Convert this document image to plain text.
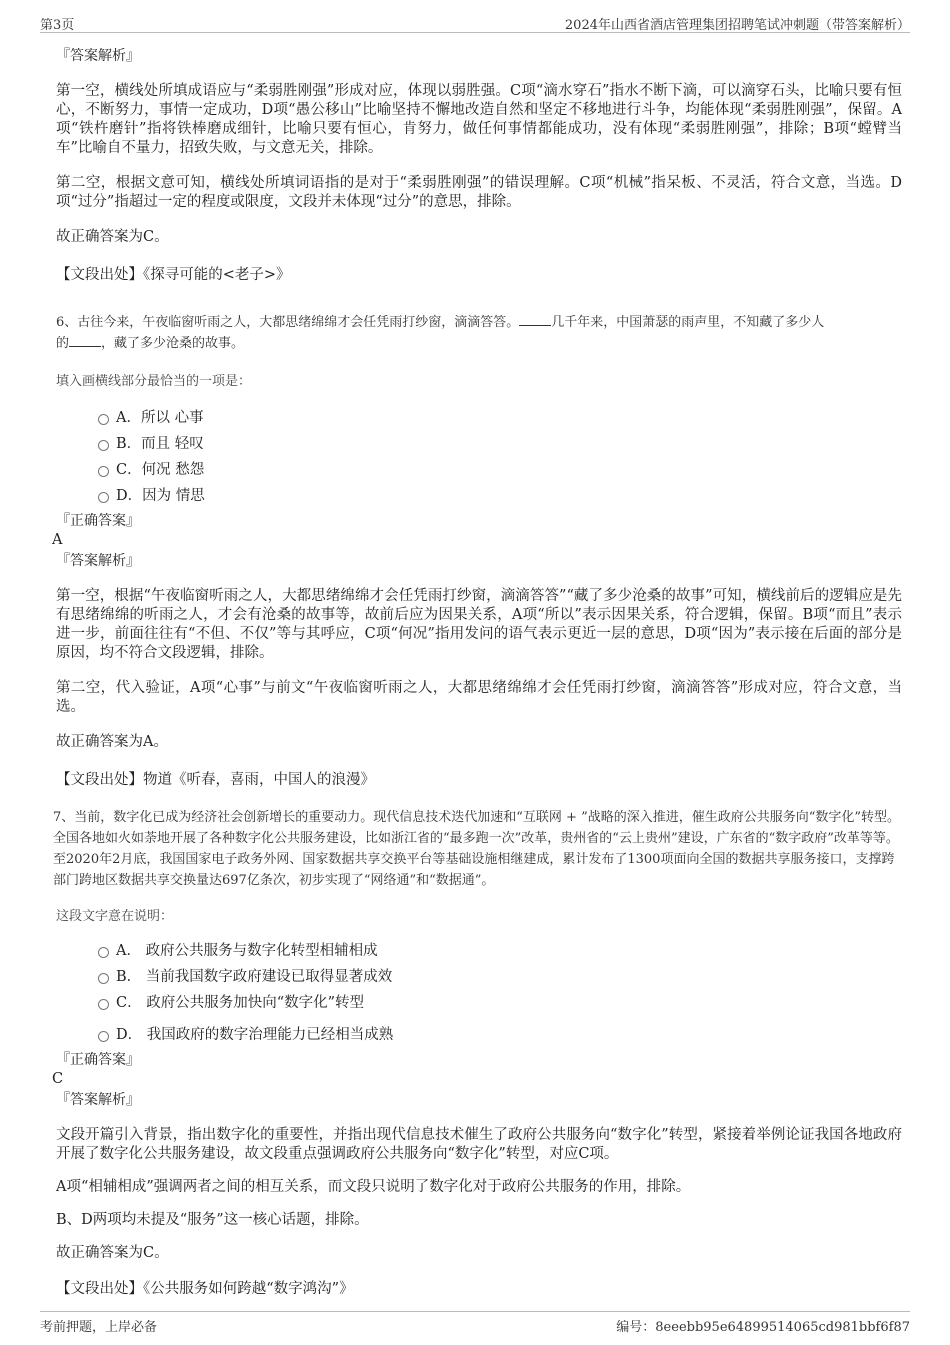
第3页	2024年山西省酒店管理集团招聘笔试冲刺题（带答案解析）

『答案解析』

第一空，横线处所填成语应与“柔弱胜刚强”形成对应，体现以弱胜强。C项“滴水穿石”指水不断下滴，可以滴穿石头，比喻只要有恒心，不断努力，事情一定成功，D项“愚公移山”比喻坚持不懈地改造自然和坚定不移地进行斗争，均能体现“柔弱胜刚强”，保留。A项“铁杵磨针”指将铁棒磨成细针，比喻只要有恒心，肯努力，做任何事情都能成功，没有体现“柔弱胜刚强”，排除；B项“螳臂当车”比喻自不量力，招致失败，与文意无关，排除。

第二空，根据文意可知，横线处所填词语指的是对于“柔弱胜刚强”的错误理解。C项“机械”指呆板、不灵活，符合文意，当选。D项“过分”指超过一定的程度或限度，文段并未体现“过分”的意思，排除。

故正确答案为C。

【文段出处】《探寻可能的<老子>》

6、古往今来，午夜临窗听雨之人，大都思绪绵绵才会任凭雨打纱窗，滴滴答答。 几千年来，中国萧瑟的雨声里，不知藏了多少人
的 ，藏了多少沧桑的故事。

填入画横线部分最恰当的一项是：

A．所以 心事
B．而且 轻叹
C．何况 愁怨
D．因为 情思

『正确答案』

A

『答案解析』

第一空，根据“午夜临窗听雨之人，大都思绪绵绵才会任凭雨打纱窗，滴滴答答”“藏了多少沧桑的故事”可知，横线前后的逻辑应是先有思绪绵绵的听雨之人，才会有沧桑的故事等，故前后应为因果关系，A项“所以”表示因果关系，符合逻辑，保留。B项“而且”表示进一步，前面往往有“不但、不仅”等与其呼应，C项“何况”指用发问的语气表示更近一层的意思，D项“因为”表示接在后面的部分是原因，均不符合文段逻辑，排除。

第二空，代入验证，A项“心事”与前文“午夜临窗听雨之人，大都思绪绵绵才会任凭雨打纱窗，滴滴答答”形成对应，符合文意，当选。

故正确答案为A。

【文段出处】物道《听春，喜雨，中国人的浪漫》

7、当前，数字化已成为经济社会创新增长的重要动力。现代信息技术迭代加速和“互联网 + ”战略的深入推进，催生政府公共服务向“数字化”转型。全国各地如火如荼地开展了各种数字化公共服务建设，比如浙江省的“最多跑一次”改革，贵州省的“云上贵州”建设，广东省的“数字政府”改革等等。至2020年2月底，我国国家电子政务外网、国家数据共享交换平台等基础设施相继建成，累计发布了1300项面向全国的数据共享服务接口，支撑跨部门跨地区数据共享交换量达697亿条次，初步实现了“网络通”和“数据通”。

这段文字意在说明：

A． 政府公共服务与数字化转型相辅相成
B． 当前我国数字政府建设已取得显著成效
C． 政府公共服务加快向“数字化”转型
D． 我国政府的数字治理能力已经相当成熟

『正确答案』

C

『答案解析』

文段开篇引入背景，指出数字化的重要性，并指出现代信息技术催生了政府公共服务向“数字化”转型，紧接着举例论证我国各地政府开展了数字化公共服务建设，故文段重点强调政府公共服务向“数字化”转型，对应C项。

A项“相辅相成”强调两者之间的相互关系，而文段只说明了数字化对于政府公共服务的作用，排除。

B、D两项均未提及“服务”这一核心话题，排除。

故正确答案为C。

【文段出处】《公共服务如何跨越“数字鸿沟”》

考前押题，上岸必备	编号：8eeebb95e64899514065cd981bbf6f87
